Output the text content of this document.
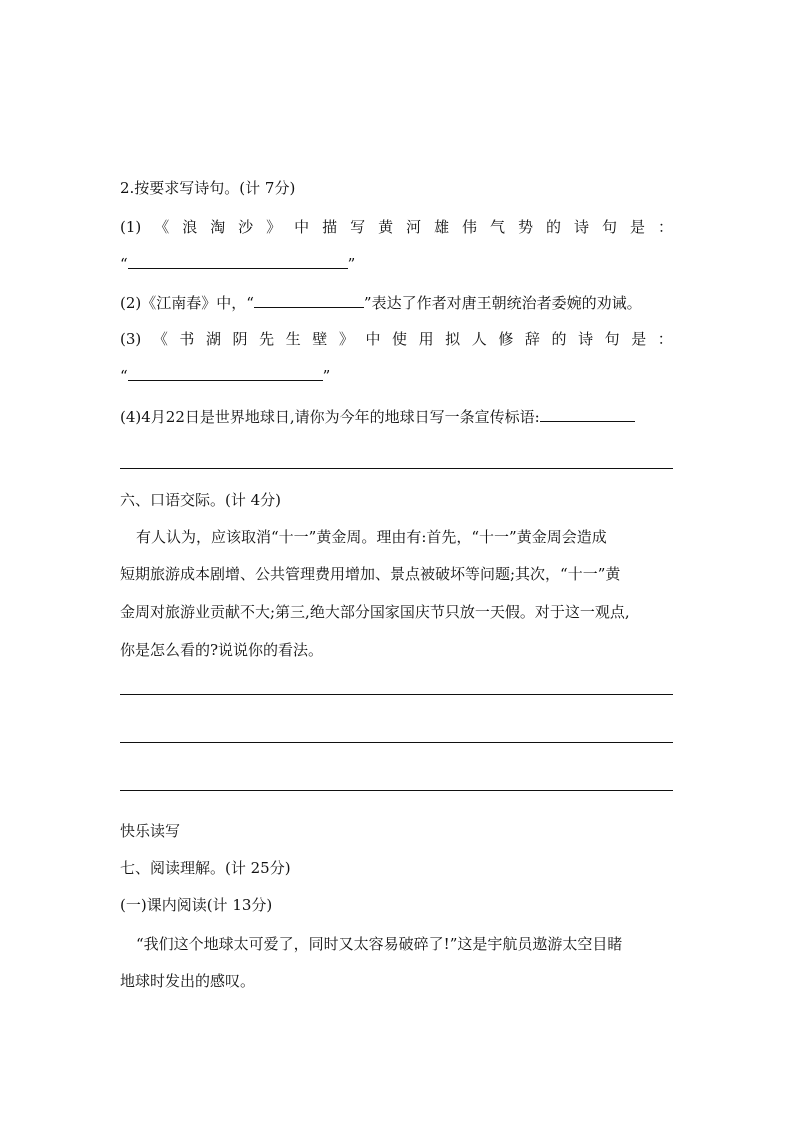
2.按要求写诗句。(计 7分)
(1) 《 浪 淘 沙 》 中 描 写 黄 河 雄 伟 气 势 的 诗 句 是 ：
“	”
(2)《江南春》中，“	”表达了作者对唐王朝统治者委婉的劝诫。
(3) 《 书 湖 阴 先 生 壁 》 中 使 用 拟 人 修 辞 的 诗 句 是 ：
“	”
(4)4月22日是世界地球日,请你为今年的地球日写一条宣传标语:
六、口语交际。(计 4分)
有人认为，应该取消“十一”黄金周。理由有:首先，“十一”黄金周会造成
短期旅游成本剧增、公共管理费用增加、景点被破坏等问题;其次，“十一”黄
金周对旅游业贡献不大;第三,绝大部分国家国庆节只放一天假。对于这一观点,
你是怎么看的?说说你的看法。
快乐读写
七、阅读理解。(计 25分)
(一)课内阅读(计 13分)
“我们这个地球太可爱了，同时又太容易破碎了!”这是宇航员遨游太空目睹
地球时发出的感叹。
